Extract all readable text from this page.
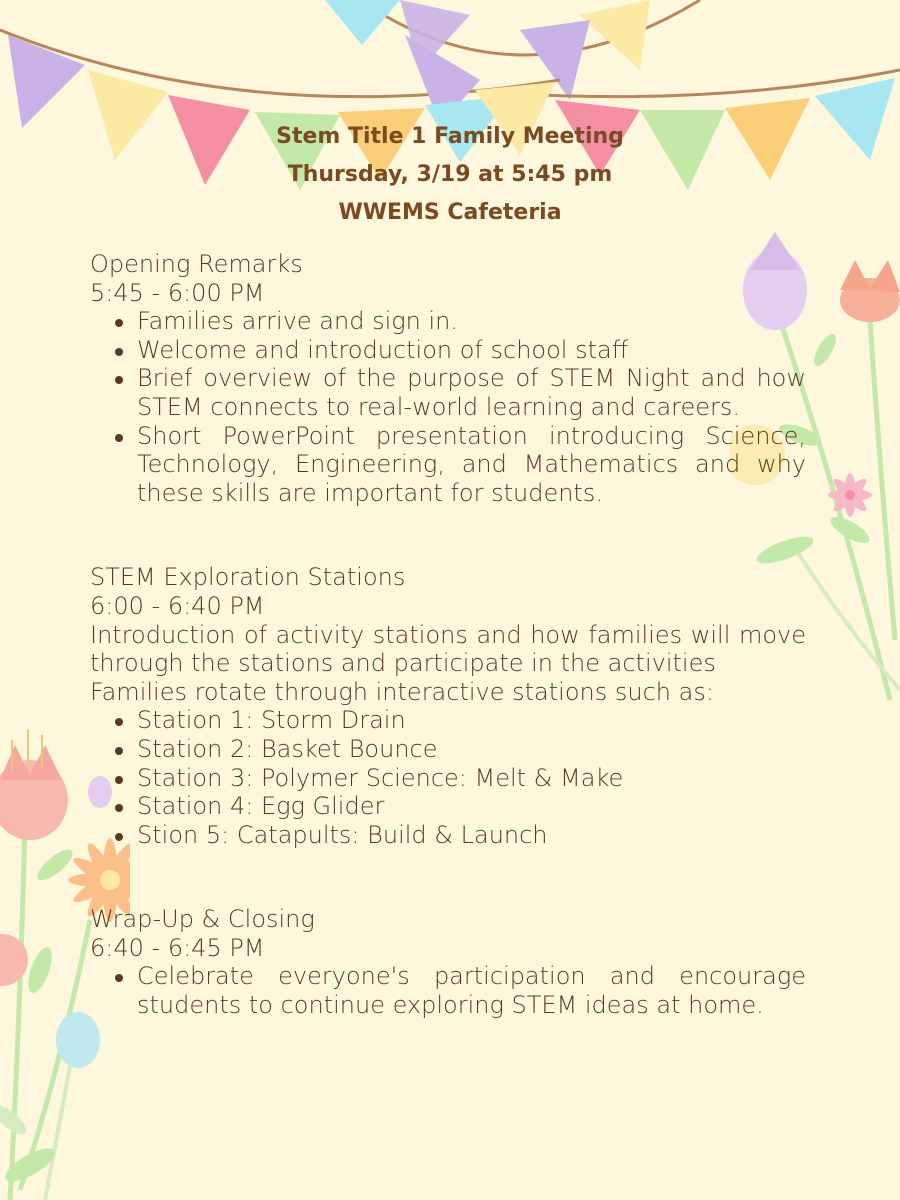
Stem Title 1 Family Meeting
Thursday, 3/19 at 5:45 pm
WWEMS Cafeteria
Opening Remarks
5:45 - 6:00 PM
Families arrive and sign in.
Welcome and introduction of school staff
Brief overview of the purpose of STEM Night and how STEM connects to real-world learning and careers.
Short PowerPoint presentation introducing Science, Technology, Engineering, and Mathematics and why these skills are important for students.
STEM Exploration Stations
6:00 - 6:40 PM
Introduction of activity stations and how families will move through the stations and participate in the activities
Families rotate through interactive stations such as:
Station 1: Storm Drain
Station 2: Basket Bounce
Station 3: Polymer Science: Melt & Make
Station 4: Egg Glider
Stion 5: Catapults: Build & Launch
Wrap-Up & Closing
6:40 - 6:45 PM
Celebrate everyone's participation and encourage students to continue exploring STEM ideas at home.
